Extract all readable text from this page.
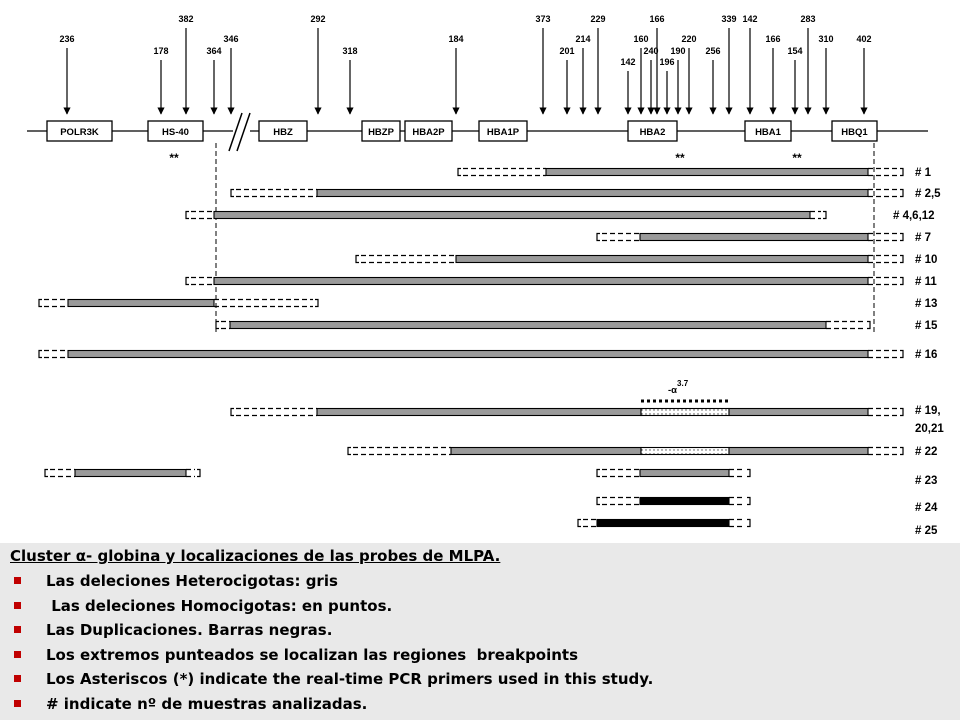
236
178
382
364
346
292
318
184
373
201
214
229
142
160
240
166
196
190
220
256
339 142
166
154
283
310	402
POLR3K	HS-40	HBZ	HBZP HBA2P	HBA1P	HBA2	HBA1	HBQ1
**	**	**
# 1
# 2,5
# 4,6,12
# 7
# 10
# 11
# 13
# 15
# 16
$-\alpha^{3.7}$
# 19,
20,21
# 22
# 23
# 24
# 25
Cluster α- globina y localizaciones de las probes de MLPA.
Las deleciones Heterocigotas: gris
Las deleciones Homocigotas: en puntos.
Las Duplicaciones. Barras negras.
Los extremos punteados se localizan las regiones  breakpoints
Los Asteriscos (*) indicate the real-time PCR primers used in this study.
# indicate nº de muestras analizadas.
